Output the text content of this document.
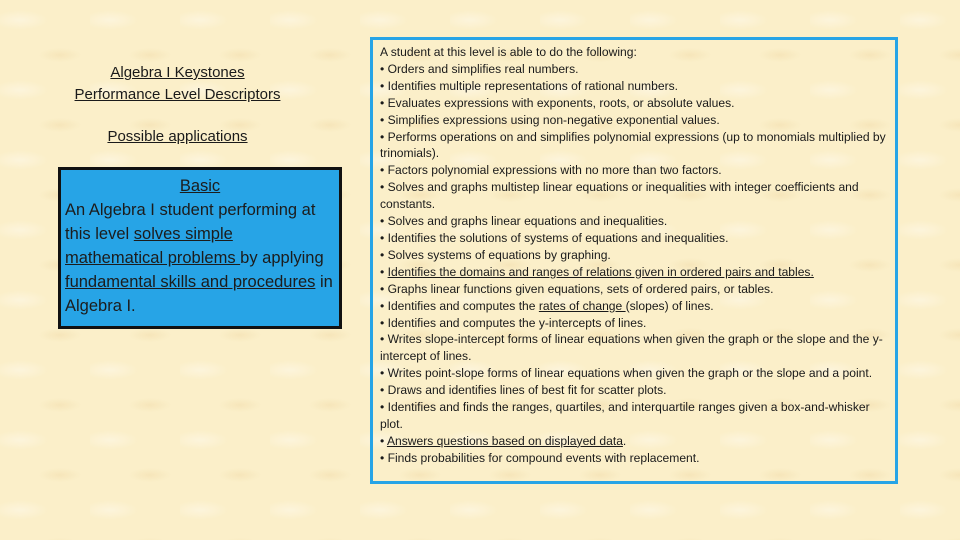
Algebra I Keystones
Performance Level Descriptors
Possible applications
Basic
An Algebra I student performing at this level solves simple mathematical problems by applying fundamental skills and procedures in Algebra I.

A student at this level is able to do the following:

• Orders and simplifies real numbers.

• Identifies multiple representations of rational numbers.

• Evaluates expressions with exponents, roots, or absolute values.

• Simplifies expressions using non-negative exponential values.

• Performs operations on and simplifies polynomial expressions (up to monomials multiplied by trinomials).

• Factors polynomial expressions with no more than two factors.

• Solves and graphs multistep linear equations or inequalities with integer coefficients and constants.

• Solves and graphs linear equations and inequalities.

• Identifies the solutions of systems of equations and inequalities.

• Solves systems of equations by graphing.

• Identifies the domains and ranges of relations given in ordered pairs and tables.

• Graphs linear functions given equations, sets of ordered pairs, or tables.

• Identifies and computes the rates of change (slopes) of lines.

• Identifies and computes the y-intercepts of lines.

• Writes slope-intercept forms of linear equations when given the graph or the slope and the y-intercept of lines.

• Writes point-slope forms of linear equations when given the graph or the slope and a point.

• Draws and identifies lines of best fit for scatter plots.

• Identifies and finds the ranges, quartiles, and interquartile ranges given a box-and-whisker plot.

• Answers questions based on displayed data.

• Finds probabilities for compound events with replacement.
